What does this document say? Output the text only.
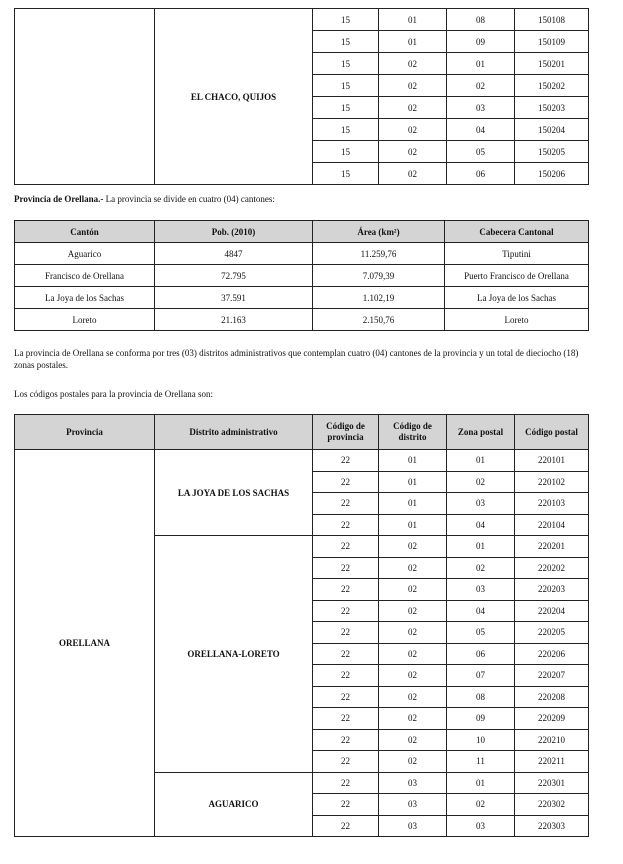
	EL CHACO, QUIJOS	15	01	08	150108
		15	01	09	150109
		15	02	01	150201
		15	02	02	150202
		15	02	03	150203
		15	02	04	150204
		15	02	05	150205
		15	02	06	150206
Provincia de Orellana.- La provincia se divide en cuatro (04) cantones:
Cantón	Pob. (2010)	Área (km²)	Cabecera Cantonal
Aguarico	4847	11.259,76	Tiputini
Francisco de Orellana	72.795	7.079,39	Puerto Francisco de Orellana
La Joya de los Sachas	37.591	1.102,19	La Joya de los Sachas
Loreto	21.163	2.150,76	Loreto
La provincia de Orellana se conforma por tres (03) distritos administrativos que contemplan cuatro (04) cantones de la provincia y un total de dieciocho (18) zonas postales.
Los códigos postales para la provincia de Orellana son:
Provincia	Distrito administrativo	Código de provincia	Código de distrito	Zona postal	Código postal
ORELLANA	LA JOYA DE LOS SACHAS	22	01	01	220101
		22	01	02	220102
		22	01	03	220103
		22	01	04	220104
	ORELLANA-LORETO	22	02	01	220201
		22	02	02	220202
		22	02	03	220203
		22	02	04	220204
		22	02	05	220205
		22	02	06	220206
		22	02	07	220207
		22	02	08	220208
		22	02	09	220209
		22	02	10	220210
		22	02	11	220211
	AGUARICO	22	03	01	220301
		22	03	02	220302
		22	03	03	220303
